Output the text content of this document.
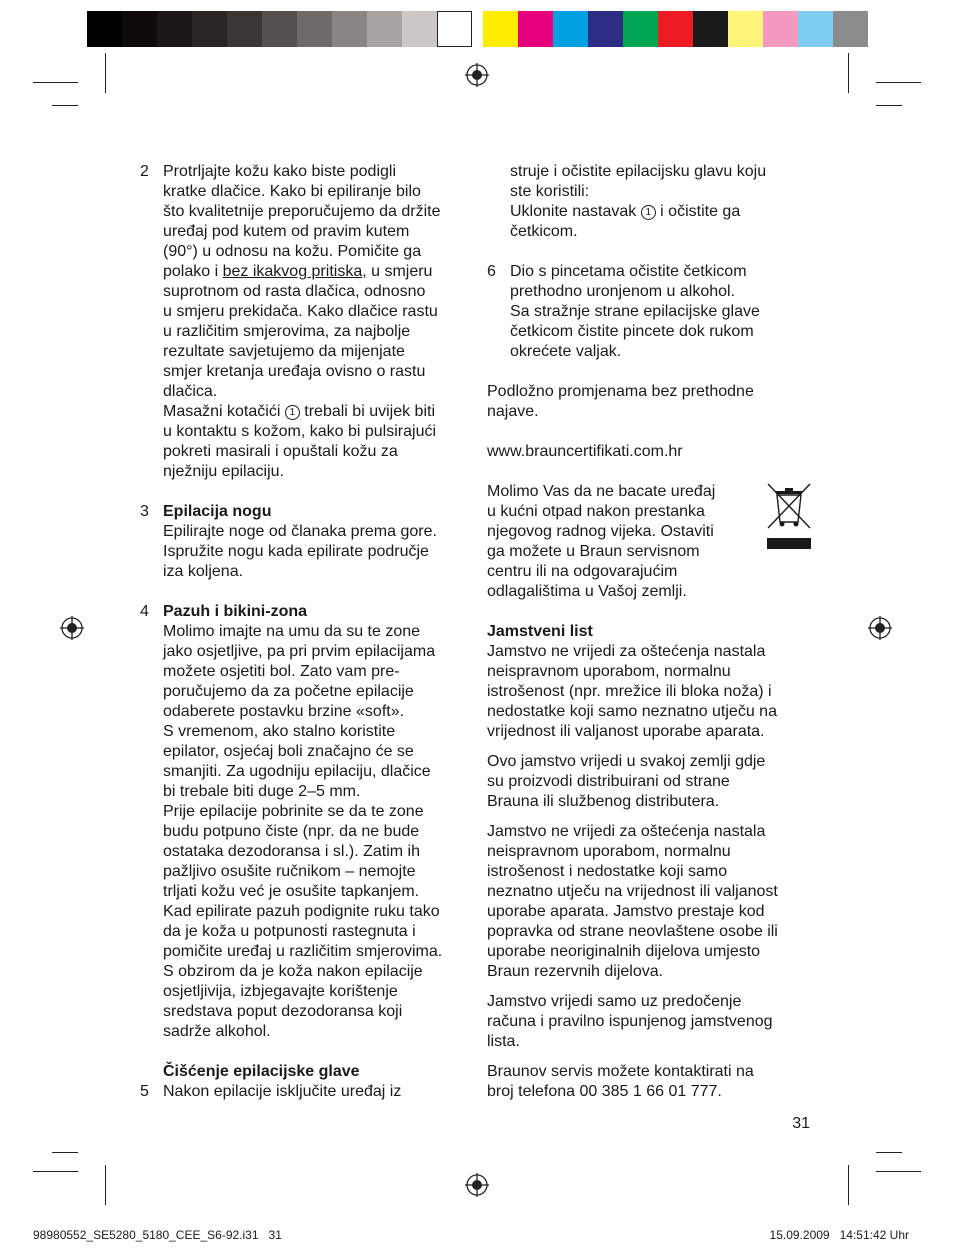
2 Protrljajte kožu kako biste podigli

kratke dlačice. Kako bi epiliranje bilo

što kvalitetnije preporučujemo da držite

uređaj pod kutem od pravim kutem

(90°) u odnosu na kožu. Pomičite ga

polako i bez ikakvog pritiska, u smjeru

suprotnom od rasta dlačica, odnosno

u smjeru prekidača. Kako dlačice rastu

u različitim smjerovima, za najbolje

rezultate savjetujemo da mijenjate

smjer kretanja uređaja ovisno o rastu

dlačica.

Masažni kotačići 1 trebali bi uvijek biti

u kontaktu s kožom, kako bi pulsirajući

pokreti masirali i opuštali kožu za

nježniju epilaciju.

3 Epilacija nogu

Epilirajte noge od članaka prema gore.

Ispružite nogu kada epilirate područje

iza koljena.

4 Pazuh i bikini-zona

Molimo imajte na umu da su te zone

jako osjetljive, pa pri prvim epilacijama

možete osjetiti bol. Zato vam pre-

poručujemo da za početne epilacije

odaberete postavku brzine «soft».

S vremenom, ako stalno koristite

epilator, osjećaj boli značajno će se

smanjiti. Za ugodniju epilaciju, dlačice

bi trebale biti duge 2–5 mm.

Prije epilacije pobrinite se da te zone

budu potpuno čiste (npr. da ne bude

ostataka dezodoransa i sl.). Zatim ih

pažljivo osušite ručnikom – nemojte

trljati kožu već je osušite tapkanjem.

Kad epilirate pazuh podignite ruku tako

da je koža u potpunosti rastegnuta i

pomičite uređaj u različitim smjerovima.

S obzirom da je koža nakon epilacije

osjetljivija, izbjegavajte korištenje

sredstava poput dezodoransa koji

sadrže alkohol.

Čišćenje epilacijske glave

5 Nakon epilacije isključite uređaj iz

struje i očistite epilacijsku glavu koju

ste koristili:

Uklonite nastavak 1 i očistite ga

četkicom.

6 Dio s pincetama očistite četkicom

prethodno uronjenom u alkohol.

Sa stražnje strane epilacijske glave

četkicom čistite pincete dok rukom

okrećete valjak.

Podložno promjenama bez prethodne

najave.

www.brauncertifikati.com.hr

Molimo Vas da ne bacate uređaj

u kućni otpad nakon prestanka

njegovog radnog vijeka. Ostaviti

ga možete u Braun servisnom

centru ili na odgovarajućim

odlagalištima u Vašoj zemlji.

Jamstveni list

Jamstvo ne vrijedi za oštećenja nastala

neispravnom uporabom, normalnu

istrošenost (npr. mrežice ili bloka noža) i

nedostatke koji samo neznatno utječu na

vrijednost ili valjanost uporabe aparata.

Ovo jamstvo vrijedi u svakoj zemlji gdje

su proizvodi distribuirani od strane

Brauna ili službenog distributera.

Jamstvo ne vrijedi za oštećenja nastala

neispravnom uporabom, normalnu

istrošenost i nedostatke koji samo

neznatno utječu na vrijednost ili valjanost

uporabe aparata. Jamstvo prestaje kod

popravka od strane neovlaštene osobe ili

uporabe neoriginalnih dijelova umjesto

Braun rezervnih dijelova.

Jamstvo vrijedi samo uz predočenje

računa i pravilno ispunjenog jamstvenog

lista.

Braunov servis možete kontaktirati na

broj telefona 00 385 1 66 01 777.

31
98980552_SE5280_5180_CEE_S6-92.i31   31	15.09.2009   14:51:42 Uhr
